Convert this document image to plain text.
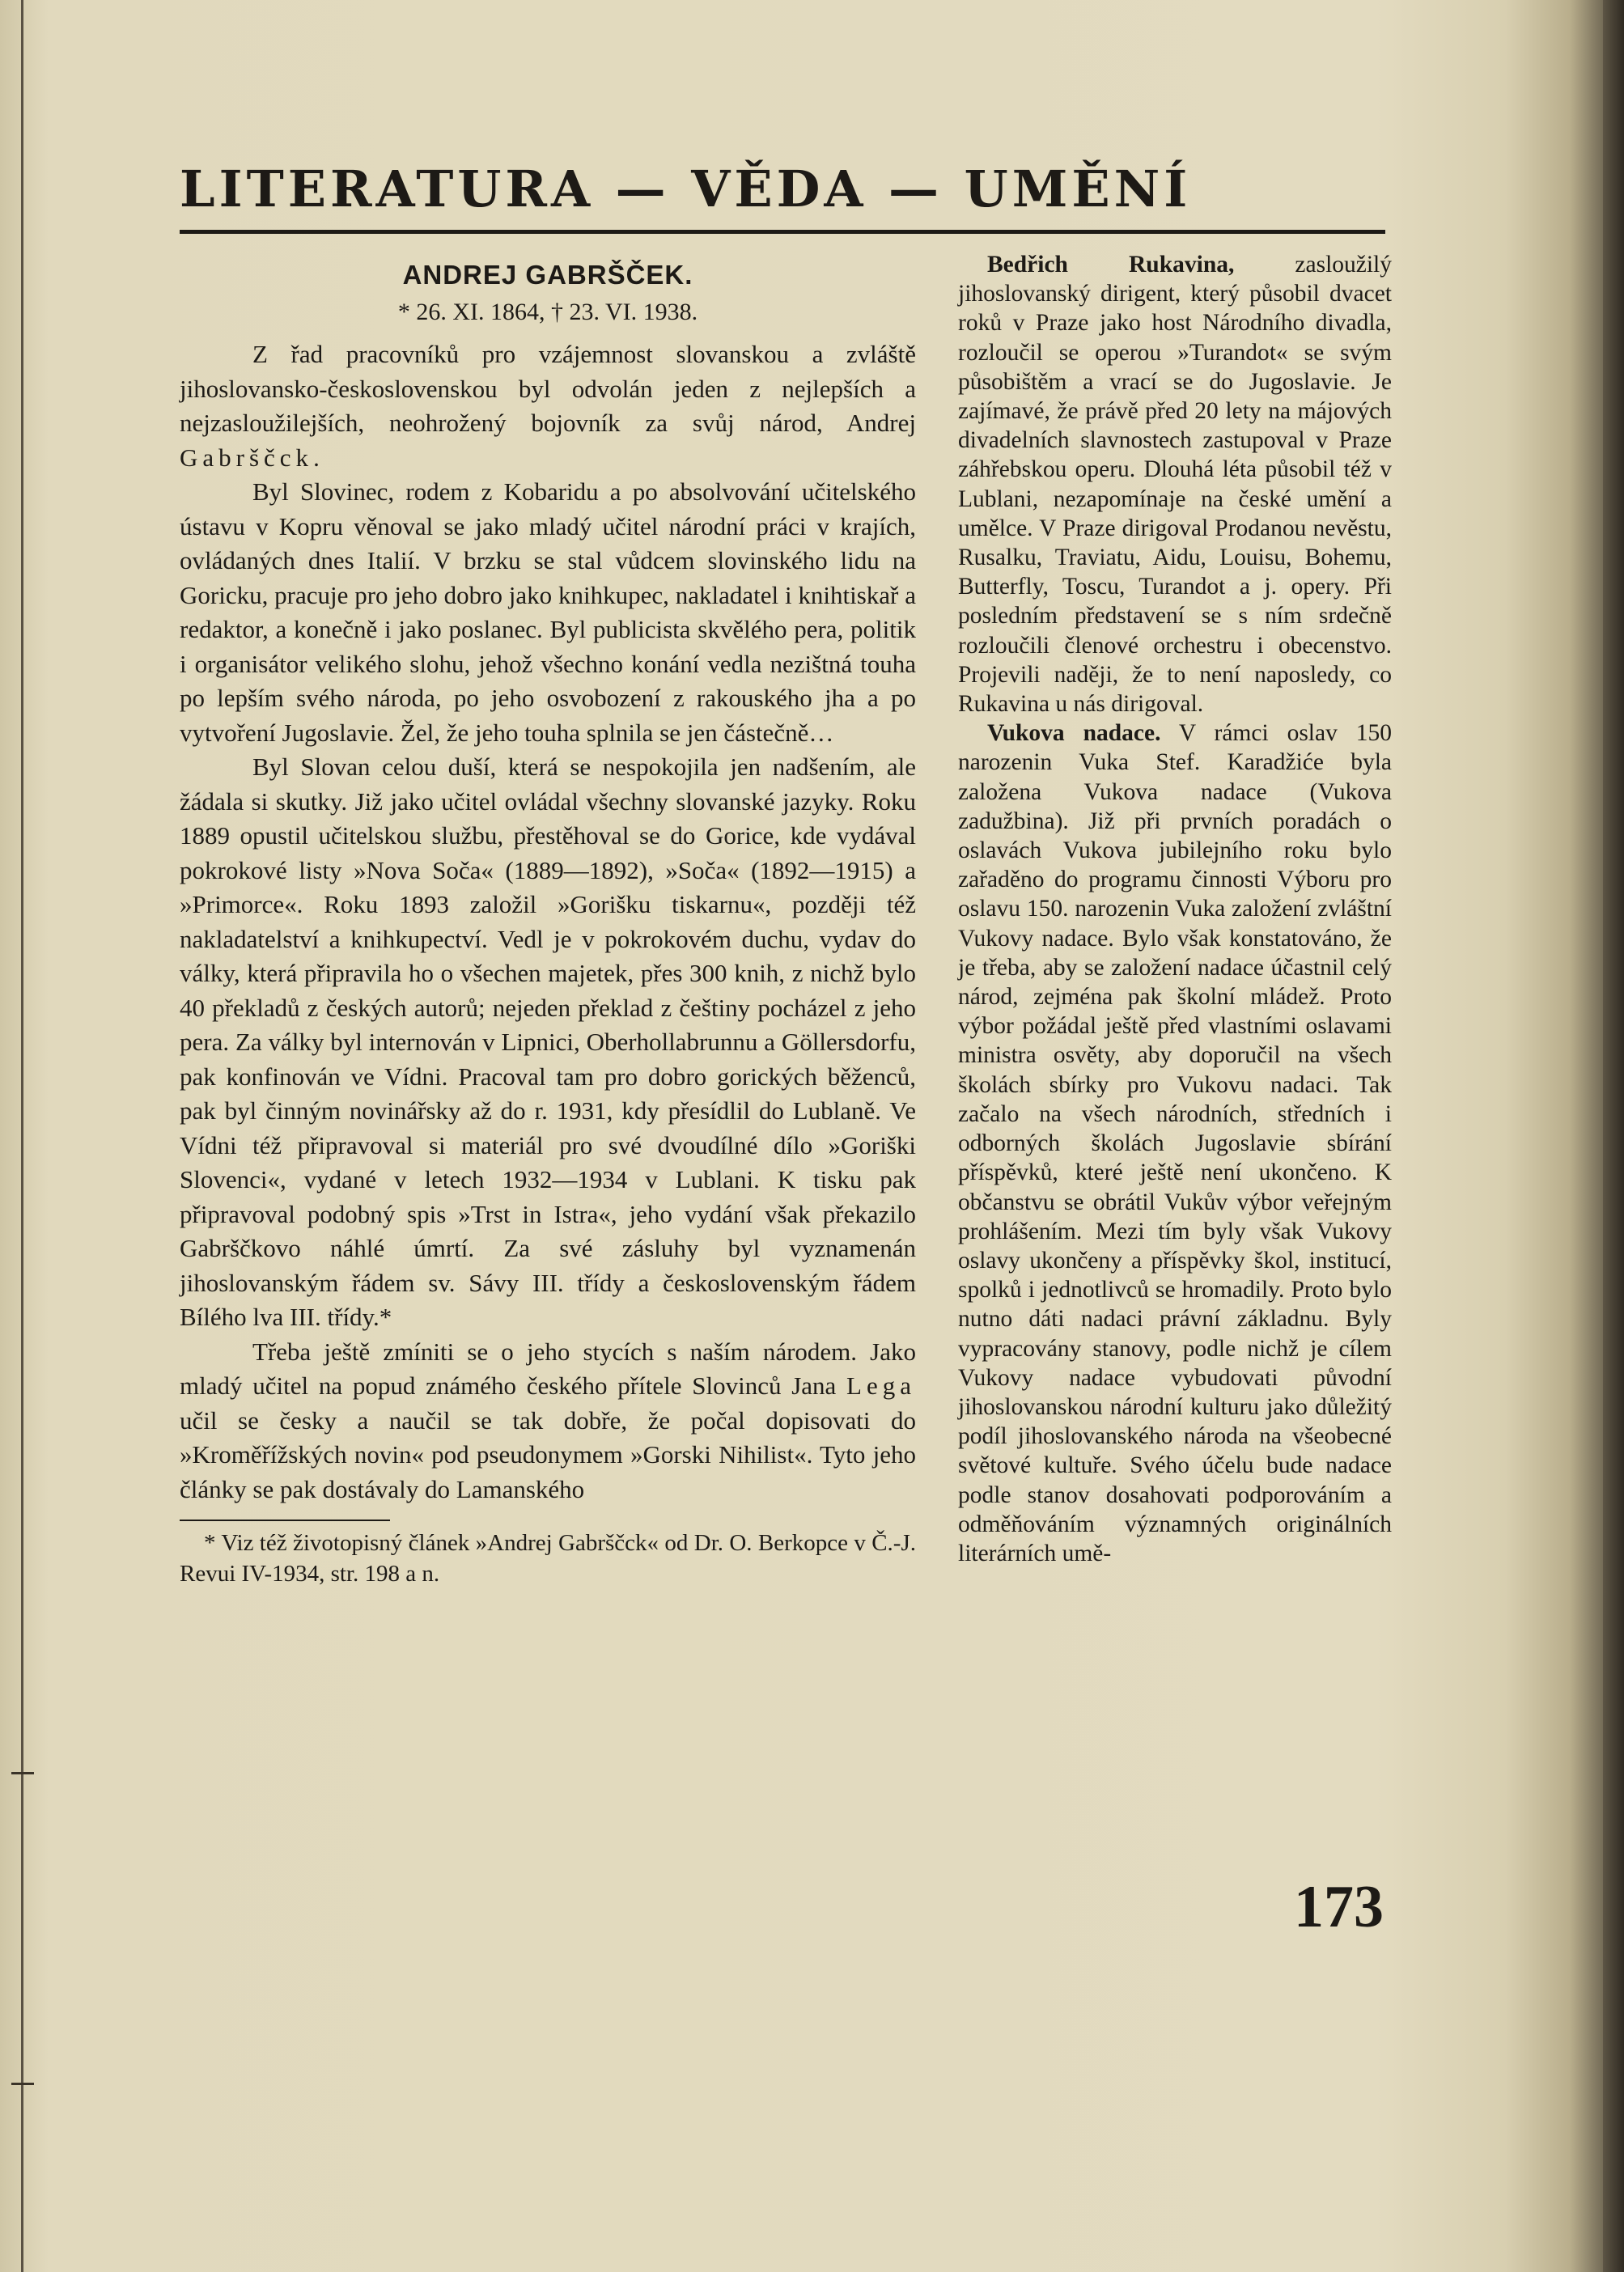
LITERATURA — VĚDA — UMĚNÍ
ANDREJ GABRŠČEK.
* 26. XI. 1864, † 23. VI. 1938.

Z řad pracovníků pro vzájemnost slovanskou a zvláště jihoslovansko-československou byl odvolán jeden z nejlepších a nejzasloužilejších, neohrožený bojovník za svůj národ, Andrej Gabrščck.

Byl Slovinec, rodem z Kobaridu a po absolvování učitelského ústavu v Kopru věnoval se jako mladý učitel národní práci v krajích, ovládaných dnes Italií. V brzku se stal vůdcem slovinského lidu na Goricku, pracuje pro jeho dobro jako knihkupec, nakladatel i knihtiskař a redaktor, a konečně i jako poslanec. Byl publicista skvělého pera, politik i organisátor velikého slohu, jehož všechno konání vedla nezištná touha po lepším svého národa, po jeho osvobození z rakouského jha a po vytvoření Jugoslavie. Žel, že jeho touha splnila se jen částečně…

Byl Slovan celou duší, která se nespokojila jen nadšením, ale žádala si skutky. Již jako učitel ovládal všechny slovanské jazyky. Roku 1889 opustil učitelskou službu, přestěhoval se do Gorice, kde vydával pokrokové listy »Nova Soča« (1889—1892), »Soča« (1892—1915) a »Primorce«. Roku 1893 založil »Gorišku tiskarnu«, později též nakladatelství a knihkupectví. Vedl je v pokrokovém duchu, vydav do války, která připravila ho o všechen majetek, přes 300 knih, z nichž bylo 40 překladů z českých autorů; nejeden překlad z češtiny pocházel z jeho pera. Za války byl internován v Lipnici, Oberhollabrunnu a Göllersdorfu, pak konfinován ve Vídni. Pracoval tam pro dobro gorických běženců, pak byl činným novinářsky až do r. 1931, kdy přesídlil do Lublaně. Ve Vídni též připravoval si materiál pro své dvoudílné dílo »Goriški Slovenci«, vydané v letech 1932—1934 v Lublani. K tisku pak připravoval podobný spis »Trst in Istra«, jeho vydání však překazilo Gabrščkovo náhlé úmrtí. Za své zásluhy byl vyznamenán jihoslovanským řádem sv. Sávy III. třídy a československým řádem Bílého lva III. třídy.*

Třeba ještě zmíniti se o jeho stycích s naším národem. Jako mladý učitel na popud známého českého přítele Slovinců Jana Lega učil se česky a naučil se tak dobře, že počal dopisovati do »Kroměřížských novin« pod pseudonymem »Gorski Nihilist«. Tyto jeho články se pak dostávaly do Lamanského

* Viz též životopisný článek »Andrej Gabrščck« od Dr. O. Berkopce v Č.-J. Revui IV-1934, str. 198 a n.

Bedřich Rukavina,	zasloužilý jihoslovanský dirigent, který působil dvacet roků v Praze jako host Národního divadla, rozloučil se operou »Turandot« se svým působištěm a vrací se do Jugoslavie. Je zajímavé, že právě před 20 lety na májových divadelních slavnostech zastupoval v Praze záhřebskou operu. Dlouhá léta působil též v Lublani, nezapomínaje na české umění a umělce. V Praze dirigoval Prodanou nevěstu, Rusalku, Traviatu, Aidu, Louisu, Bohemu, Butterfly, Toscu, Turandot a j. opery. Při posledním představení se s ním srdečně rozloučili členové orchestru i obecenstvo. Projevili naději, že to není naposledy, co Rukavina u nás dirigoval.

Vukova nadace. V rámci oslav 150 narozenin Vuka Stef. Karadžiće byla založena Vukova nadace (Vukova zadužbina). Již při prvních poradách o oslavách Vukova jubilejního roku bylo zařaděno do programu činnosti Výboru pro oslavu 150. narozenin Vuka založení zvláštní Vukovy nadace. Bylo však konstatováno, že je třeba, aby se založení nadace účastnil celý národ, zejména pak školní mládež. Proto výbor požádal ještě před vlastními oslavami ministra osvěty, aby doporučil na všech školách sbírky pro Vukovu nadaci. Tak začalo na všech národních, středních i odborných školách Jugoslavie sbírání příspěvků, které ještě není ukončeno. K občanstvu se obrátil Vukův výbor veřejným prohlášením. Mezi tím byly však Vukovy oslavy ukončeny a příspěvky škol, institucí, spolků i jednotlivců se hromadily. Proto bylo nutno dáti nadaci právní základnu. Byly vypracovány stanovy, podle nichž je cílem Vukovy nadace vybudovati původní jihoslovanskou národní kulturu jako důležitý podíl jihoslovanského národa na všeobecné světové kultuře. Svého účelu bude nadace podle stanov dosahovati podporováním a odměňováním významných originálních literárních umě-

173
